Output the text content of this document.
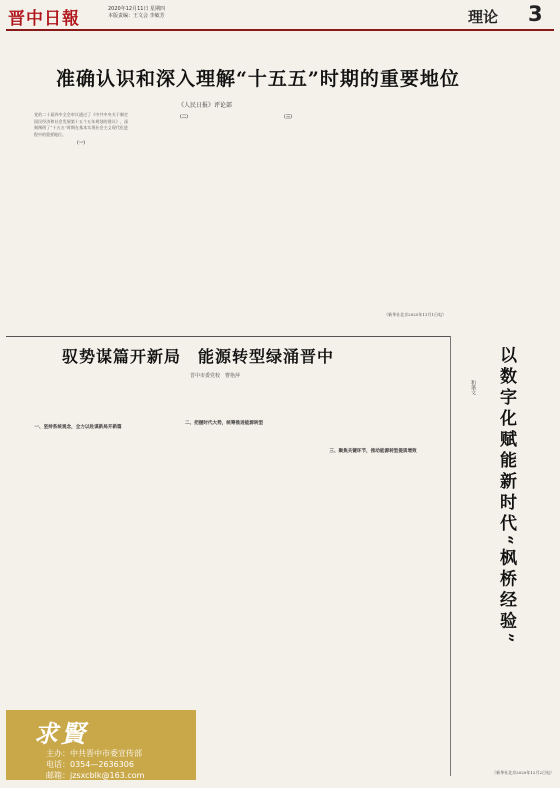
晋中日報	2020年12月11日 星期四
本版责编：王文会 李敏芳	理论 3
准确认识和深入理解“十五五”时期的重要地位
《人民日报》评论部
党的二十届四中全会审议通过了《中共中央关于制定国民经济和社会发展第十五个五年规划的建议》，深刻阐明了“十五五”时期在基本实现社会主义现代化进程中的重要地位。
（一）
（二）	（三）
（新华社北京2025年11月1日电）
驭势谋篇开新局　能源转型绿涌晋中
晋中市委党校　曹艳萍
一、坚持系统观念，全力以赴谋新局开新篇
二、把握时代大势，统筹推进能源转型
三、聚焦关键环节，推动能源转型提质增效	以数字化赋能新时代“枫桥经验”
和谐文
（新华社北京2020年12月2日电）
求賢
主办：中共晋中市委宣传部
电话：0354—2636306
邮箱：jzsxcblk@163.com
